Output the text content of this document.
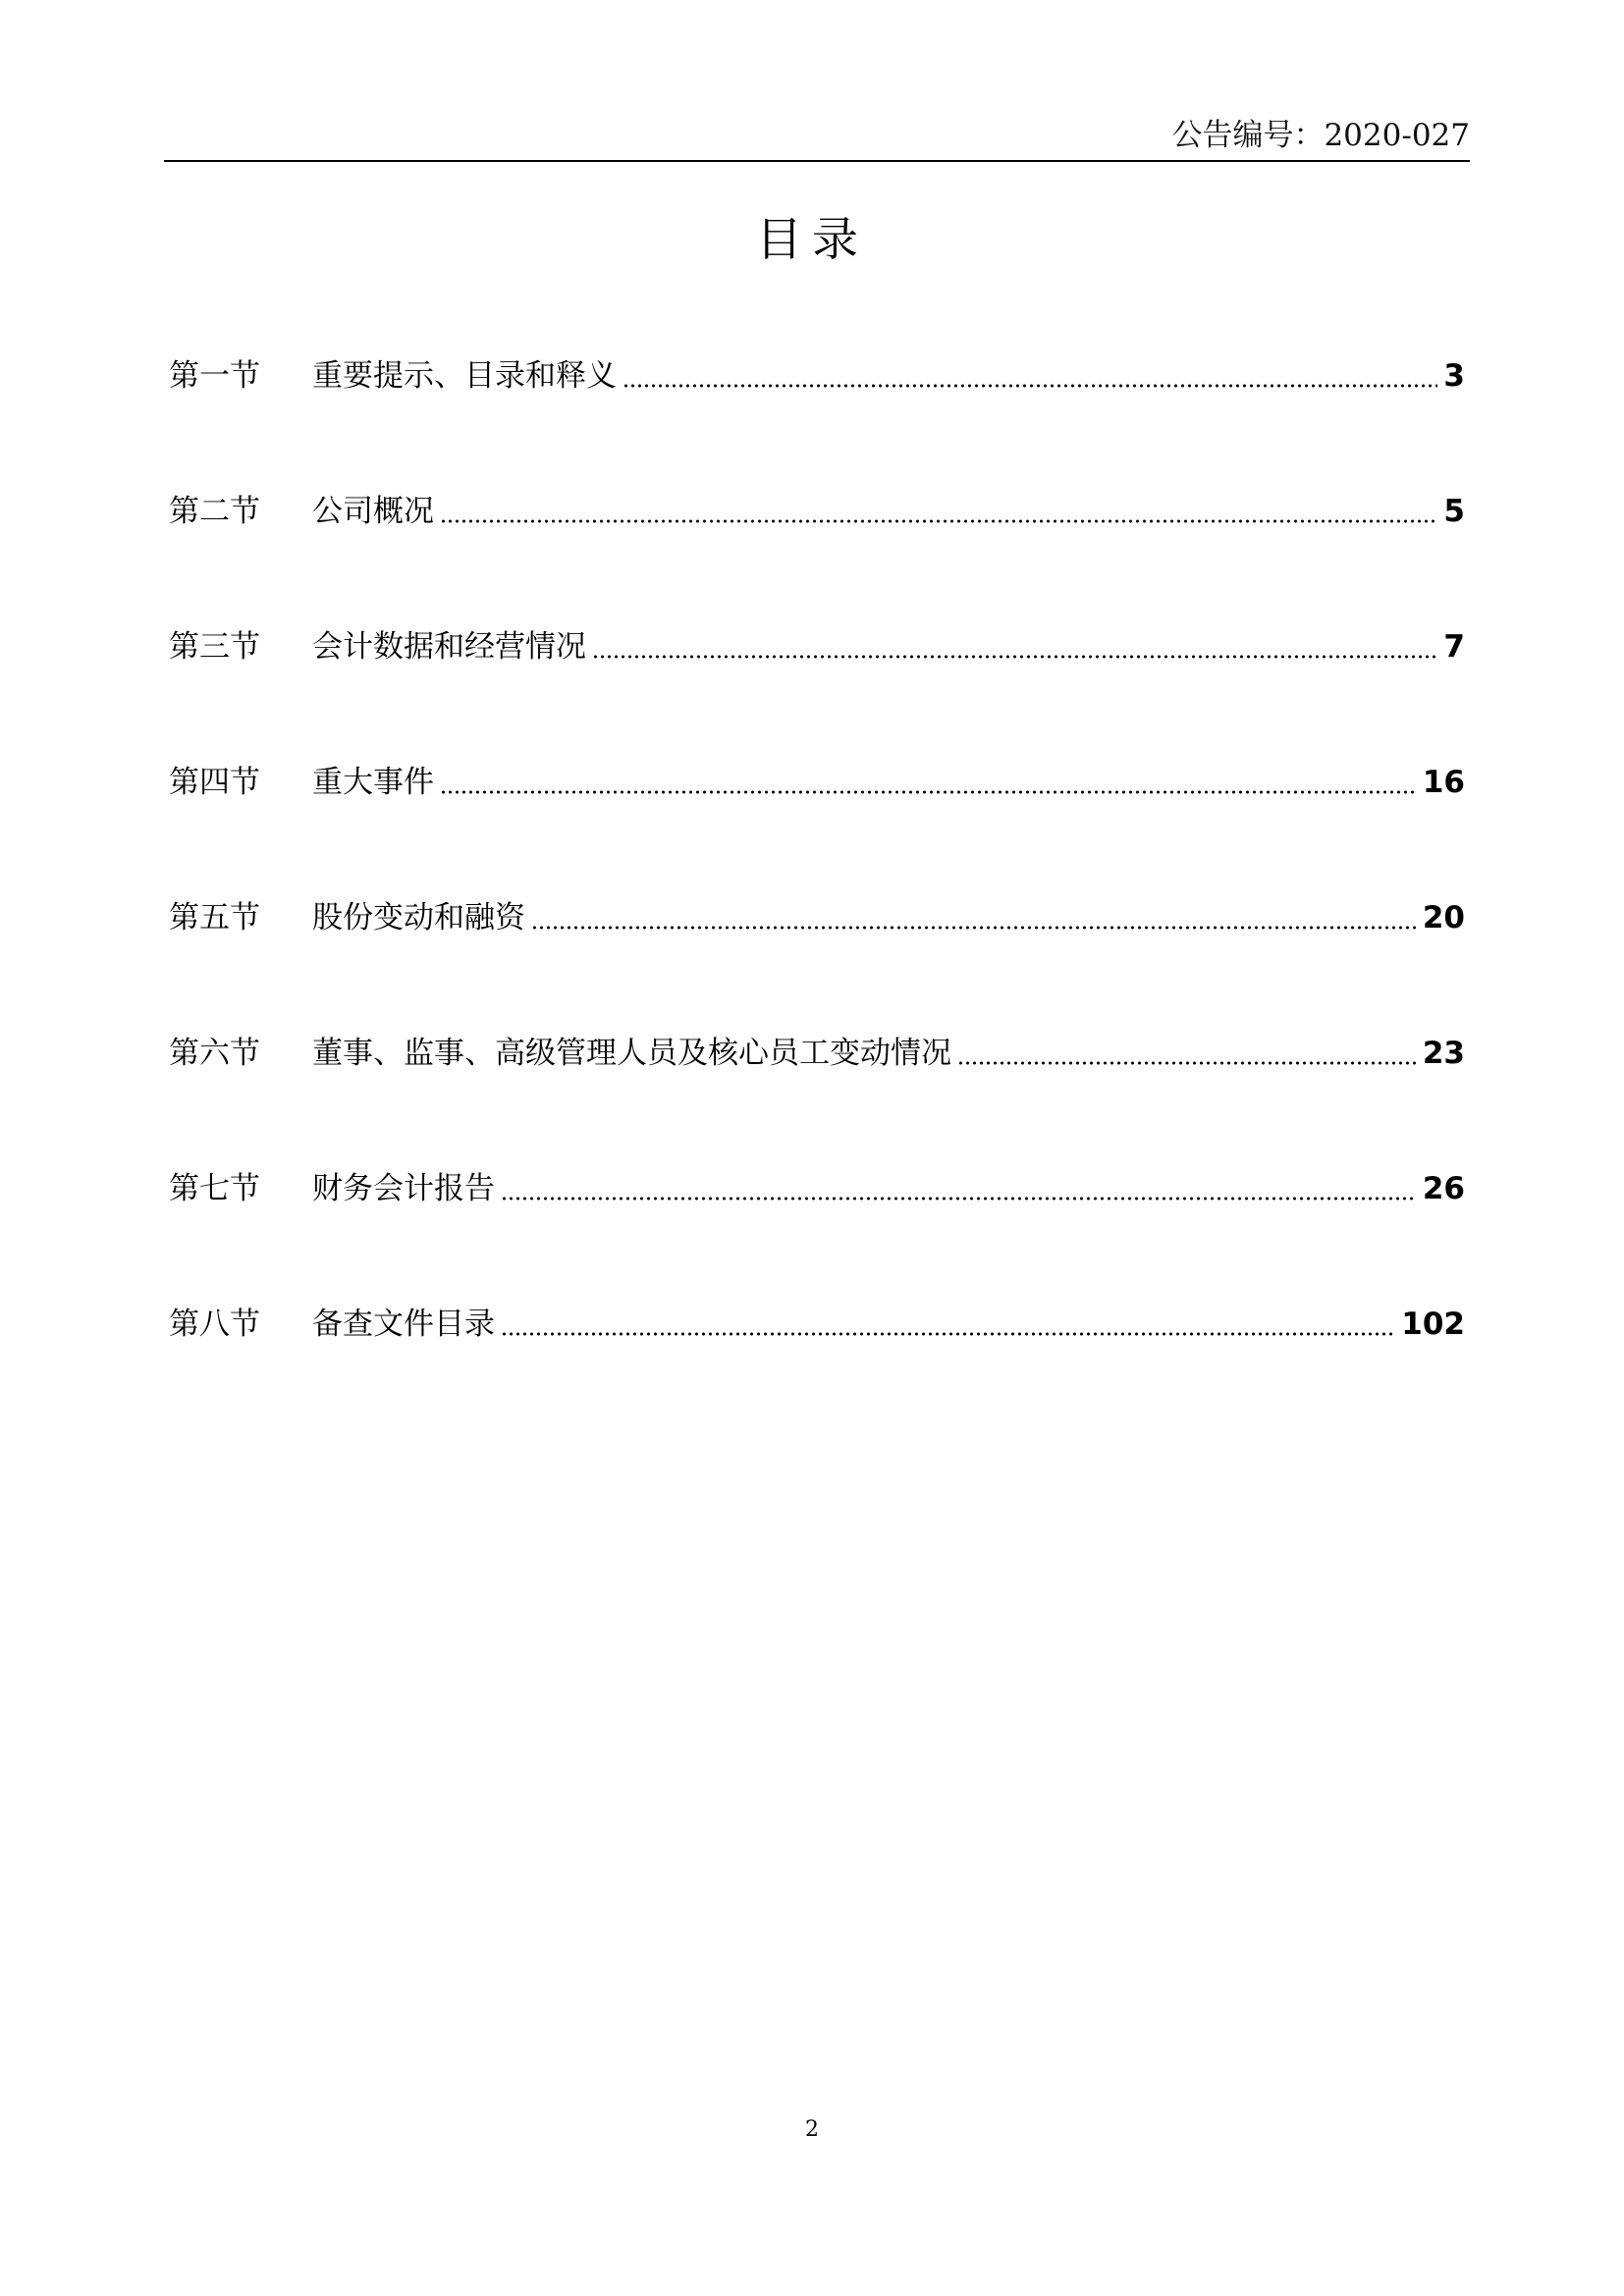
公告编号：2020-027
目录
第一节	重要提示、目录和释义	3
第二节	公司概况	5
第三节	会计数据和经营情况	7
第四节	重大事件	16
第五节	股份变动和融资	20
第六节	董事、监事、高级管理人员及核心员工变动情况	23
第七节	财务会计报告	26
第八节	备查文件目录	102
2
